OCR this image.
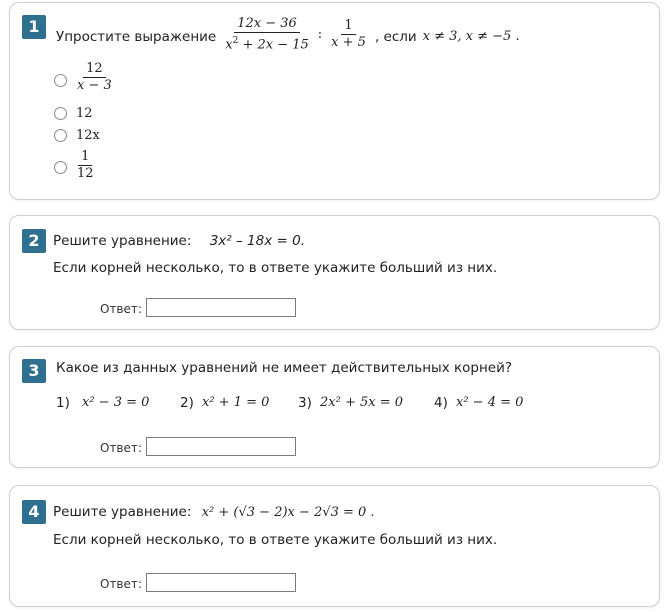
1
Упростите выражение $\frac{12x - 36}{x^2 + 2x - 15}$ : $\frac{1}{x + 5}$ , если x ≠ 3, x ≠ −5 .
$\frac{12}{x - 3}$
12
12x
$\frac{1}{12}$
2 Решите уравнение: 3x² – 18x = 0.
Если корней несколько, то в ответе укажите больший из них.
Ответ:
3	Какое из данных уравнений не имеет действительных корней?
1) x² − 3 = 0 2) x² + 1 = 0 3) 2x² + 5x = 0 4) x² − 4 = 0
Ответ:
4 Решите уравнение: x² + (√3 − 2)x − 2√3 = 0 .
Если корней несколько, то в ответе укажите больший из них.
Ответ:
